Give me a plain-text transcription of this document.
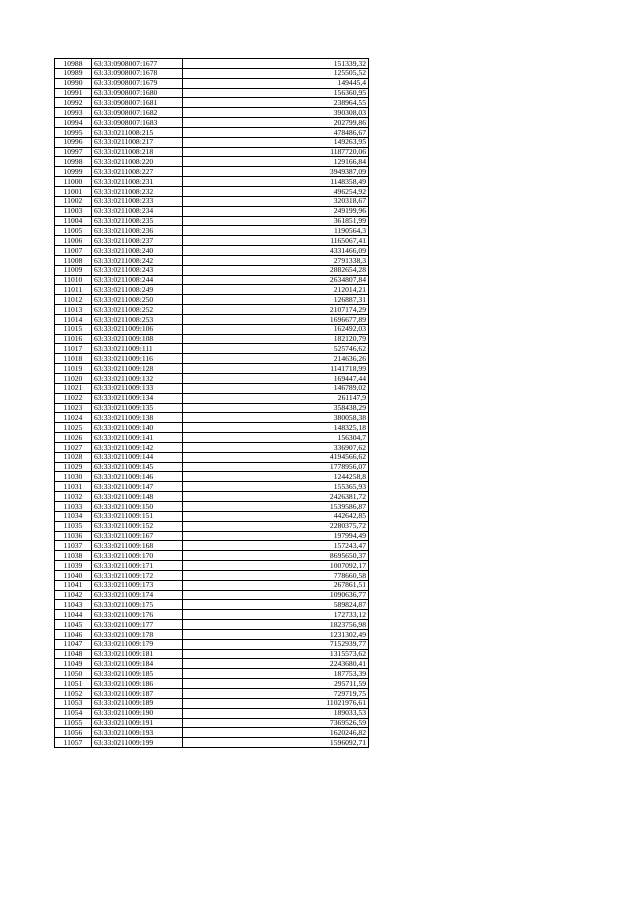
10988	63:33:0908007:1677	151339,32
10989	63:33:0908007:1678	125505,52
10990	63:33:0908007:1679	149445,4
10991	63:33:0908007:1680	156360,95
10992	63:33:0908007:1681	238964,55
10993	63:33:0908007:1682	390308,03
10994	63:33:0908007:1683	202799,86
10995	63:33:0211008:215	478486,67
10996	63:33:0211008:217	149263,95
10997	63:33:0211008:218	1187720,06
10998	63:33:0211008:220	129166,84
10999	63:33:0211008:227	3949387,09
11000	63:33:0211008:231	1148358,49
11001	63:33:0211008:232	496254,92
11002	63:33:0211008:233	320318,67
11003	63:33:0211008:234	249199,96
11004	63:33:0211008:235	361851,99
11005	63:33:0211008:236	1190564,3
11006	63:33:0211008:237	1165067,41
11007	63:33:0211008:240	4331466,09
11008	63:33:0211008:242	2791338,3
11009	63:33:0211008:243	2882654,28
11010	63:33:0211008:244	2634807,84
11011	63:33:0211008:249	212014,21
11012	63:33:0211008:250	126887,31
11013	63:33:0211008:252	2107174,29
11014	63:33:0211008:253	1696677,89
11015	63:33:0211009:106	162492,03
11016	63:33:0211009:108	182120,79
11017	63:33:0211009:111	525746,62
11018	63:33:0211009:116	214636,26
11019	63:33:0211009:128	1141718,99
11020	63:33:0211009:132	169447,44
11021	63:33:0211009:133	146789,02
11022	63:33:0211009:134	261147,9
11023	63:33:0211009:135	358438,29
11024	63:33:0211009:138	380058,38
11025	63:33:0211009:140	148325,18
11026	63:33:0211009:141	156304,7
11027	63:33:0211009:142	336907,62
11028	63:33:0211009:144	4194566,62
11029	63:33:0211009:145	1778956,07
11030	63:33:0211009:146	1244258,8
11031	63:33:0211009:147	155365,93
11032	63:33:0211009:148	2426381,72
11033	63:33:0211009:150	1539586,87
11034	63:33:0211009:151	442642,85
11035	63:33:0211009:152	2280375,72
11036	63:33:0211009:167	197994,49
11037	63:33:0211009:168	157243,47
11038	63:33:0211009:170	8695650,37
11039	63:33:0211009:171	1007092,17
11040	63:33:0211009:172	778660,58
11041	63:33:0211009:173	267861,51
11042	63:33:0211009:174	1090636,77
11043	63:33:0211009:175	589824,87
11044	63:33:0211009:176	172733,12
11045	63:33:0211009:177	1823756,98
11046	63:33:0211009:178	1231302,49
11047	63:33:0211009:179	7152939,77
11048	63:33:0211009:181	1315573,62
11049	63:33:0211009:184	2243680,41
11050	63:33:0211009:185	187753,39
11051	63:33:0211009:186	295711,59
11052	63:33:0211009:187	729719,75
11053	63:33:0211009:189	11021976,61
11054	63:33:0211009:190	189033,53
11055	63:33:0211009:191	7369526,59
11056	63:33:0211009:193	1620246,82
11057	63:33:0211009:199	1596092,71
